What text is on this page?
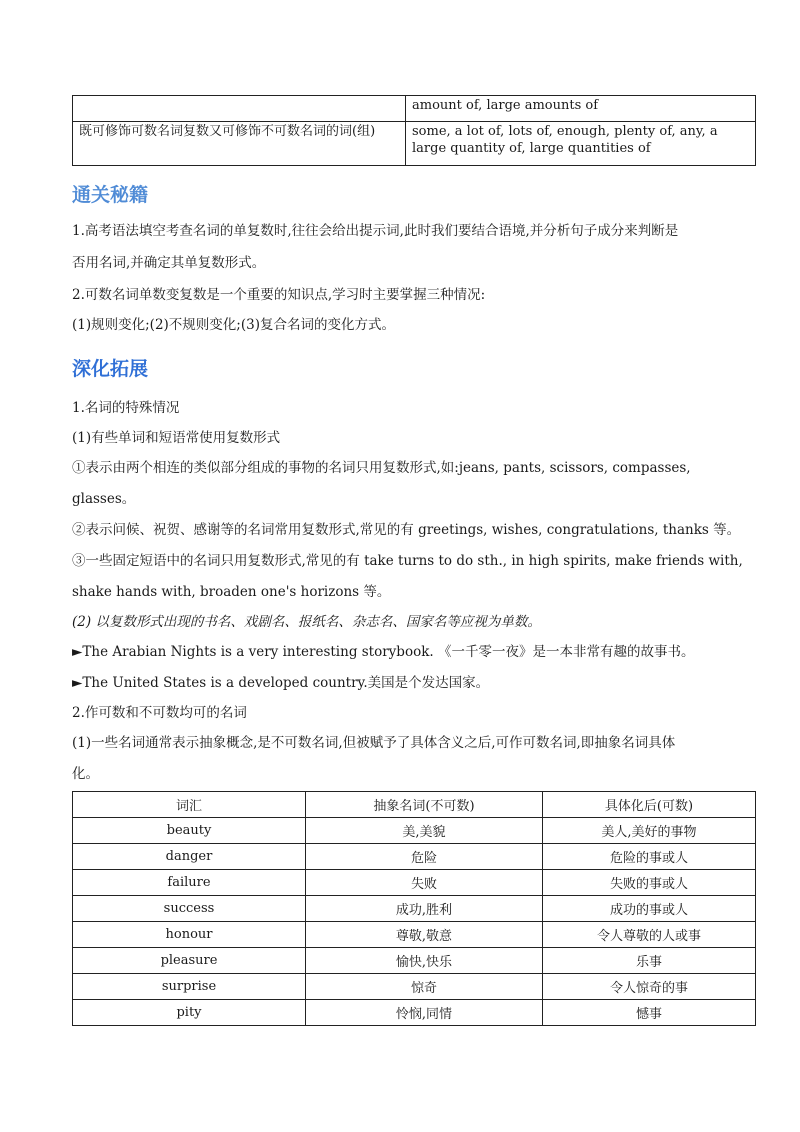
	amount of, large amounts of
既可修饰可数名词复数又可修饰不可数名词的词(组)	some, a lot of, lots of, enough, plenty of, any, a large quantity of, large quantities of
通关秘籍
1.高考语法填空考查名词的单复数时,往往会给出提示词,此时我们要结合语境,并分析句子成分来判断是
否用名词,并确定其单复数形式。
2.可数名词单数变复数是一个重要的知识点,学习时主要掌握三种情况:
(1)规则变化;(2)不规则变化;(3)复合名词的变化方式。
深化拓展
1.名词的特殊情况
(1)有些单词和短语常使用复数形式
①表示由两个相连的类似部分组成的事物的名词只用复数形式,如:jeans, pants, scissors, compasses,
glasses。
②表示问候、祝贺、感谢等的名词常用复数形式,常见的有 greetings, wishes, congratulations, thanks 等。
③一些固定短语中的名词只用复数形式,常见的有 take turns to do sth., in high spirits, make friends with,
shake hands with, broaden one's horizons 等。
(2) 以复数形式出现的书名、戏剧名、报纸名、杂志名、国家名等应视为单数。
►The Arabian Nights is a very interesting storybook. 《一千零一夜》是一本非常有趣的故事书。
►The United States is a developed country.美国是个发达国家。
2.作可数和不可数均可的名词
(1)一些名词通常表示抽象概念,是不可数名词,但被赋予了具体含义之后,可作可数名词,即抽象名词具体
化。
词汇	抽象名词(不可数)	具体化后(可数)
beauty	美,美貌	美人,美好的事物
danger	危险	危险的事或人
failure	失败	失败的事或人
success	成功,胜利	成功的事或人
honour	尊敬,敬意	令人尊敬的人或事
pleasure	愉快,快乐	乐事
surprise	惊奇	令人惊奇的事
pity	怜悯,同情	憾事
